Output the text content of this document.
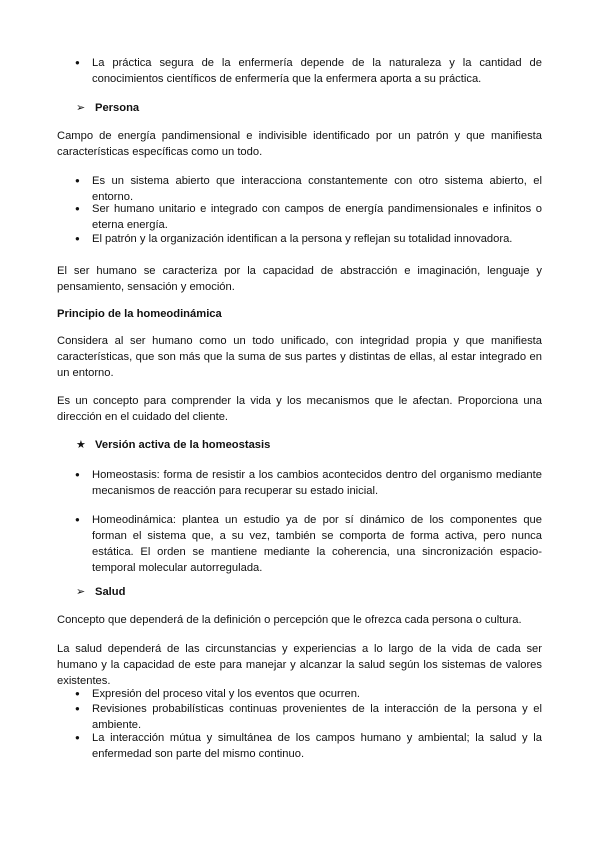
● La práctica segura de la enfermería depende de la naturaleza y la cantidad de conocimientos científicos de enfermería que la enfermera aporta a su práctica.
➢ Persona
Campo de energía pandimensional e indivisible identificado por un patrón y que manifiesta características específicas como un todo.
● Es un sistema abierto que interacciona constantemente con otro sistema abierto, el entorno.
● Ser humano unitario e integrado con campos de energía pandimensionales e infinitos o eterna energía.
● El patrón y la organización identifican a la persona y reflejan su totalidad innovadora.
El ser humano se caracteriza por la capacidad de abstracción e imaginación, lenguaje y pensamiento, sensación y emoción.
Principio de la homeodinámica
Considera al ser humano como un todo unificado, con integridad propia y que manifiesta características, que son más que la suma de sus partes y distintas de ellas, al estar integrado en un entorno.
Es un concepto para comprender la vida y los mecanismos que le afectan. Proporciona una dirección en el cuidado del cliente.
★ Versión activa de la homeostasis
● Homeostasis: forma de resistir a los cambios acontecidos dentro del organismo mediante mecanismos de reacción para recuperar su estado inicial.
● Homeodinámica: plantea un estudio ya de por sí dinámico de los componentes que forman el sistema que, a su vez, también se comporta de forma activa, pero nunca estática. El orden se mantiene mediante la coherencia, una sincronización espacio-temporal molecular autorregulada.
➢ Salud
Concepto que dependerá de la definición o percepción que le ofrezca cada persona o cultura.
La salud dependerá de las circunstancias y experiencias a lo largo de la vida de cada ser humano y la capacidad de este para manejar y alcanzar la salud según los sistemas de valores existentes.
● Expresión del proceso vital y los eventos que ocurren.
● Revisiones probabilísticas continuas provenientes de la interacción de la persona y el ambiente.
● La interacción mútua y simultánea de los campos humano y ambiental; la salud y la enfermedad son parte del mismo continuo.
